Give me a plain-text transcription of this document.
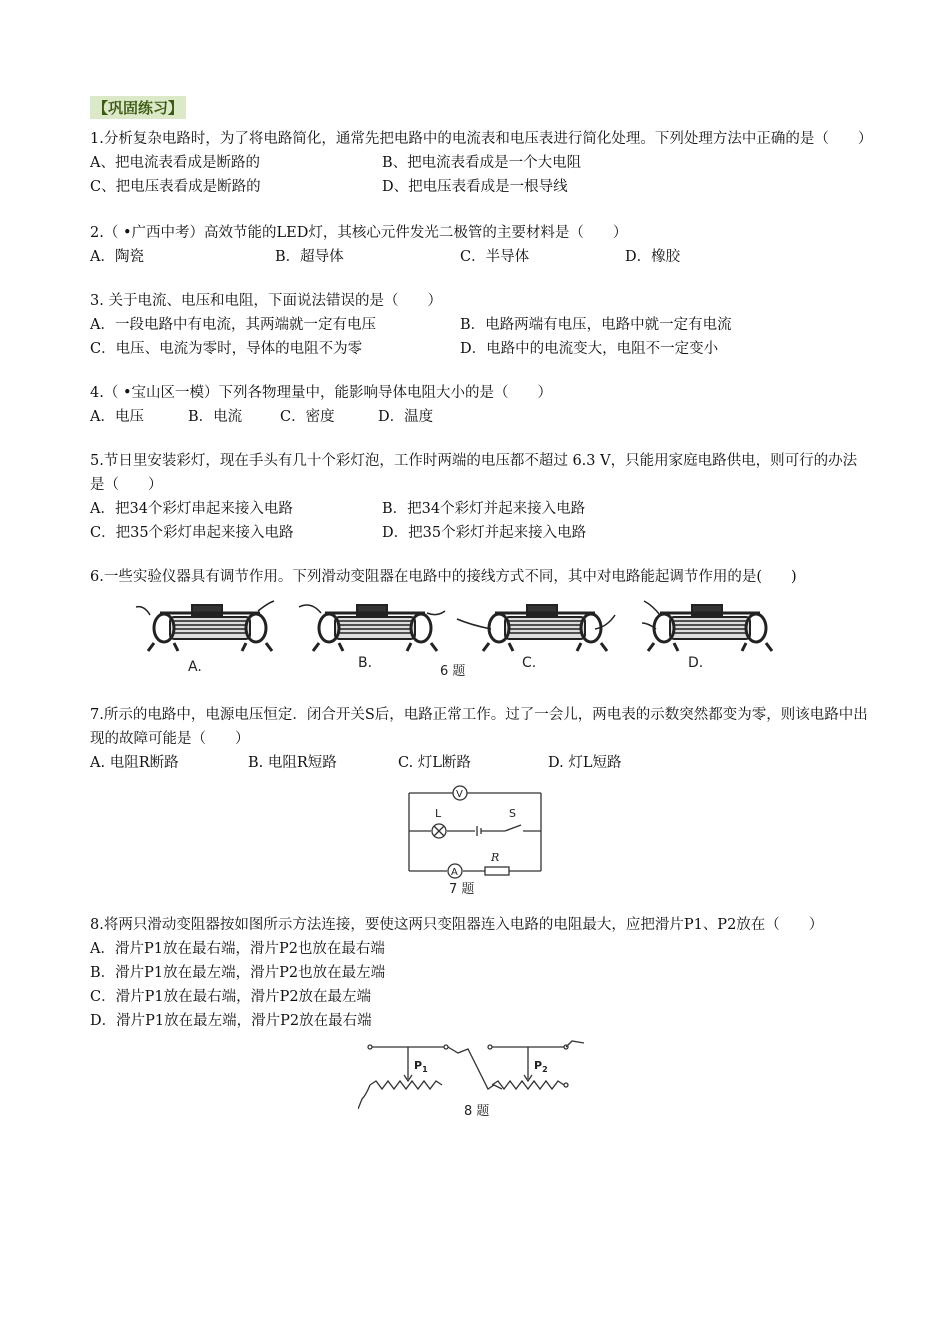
【巩固练习】
1.分析复杂电路时，为了将电路简化，通常先把电路中的电流表和电压表进行简化处理。下列处理方法中正确的是（　　）
A、把电流表看成是断路的	B、把电流表看成是一个大电阻
C、把电压表看成是断路的	D、把电压表看成是一根导线
2.（ •广西中考）高效节能的LED灯，其核心元件发光二极管的主要材料是（　　）
A．陶瓷	B．超导体	C．半导体	D．橡胶
3. 关于电流、电压和电阻，下面说法错误的是（　　）
A．一段电路中有电流，其两端就一定有电压	B．电路两端有电压，电路中就一定有电流
C．电压、电流为零时，导体的电阻不为零	D．电路中的电流变大，电阻不一定变小
4.（ •宝山区一模）下列各物理量中，能影响导体电阻大小的是（　　）
A．电压	B．电流	C．密度	D．温度
5.节日里安装彩灯，现在手头有几十个彩灯泡，工作时两端的电压都不超过 6.3 V，只能用家庭电路供电，则可行的办法是（　　）
A．把34个彩灯串起来接入电路	B．把34个彩灯并起来接入电路
C．把35个彩灯串起来接入电路	D．把35个彩灯并起来接入电路
6.一些实验仪器具有调节作用。下列滑动变阻器在电路中的接线方式不同，其中对电路能起调节作用的是(　　)
A.	B.	C.	D.
6 题
7.所示的电路中，电源电压恒定．闭合开关S后，电路正常工作。过了一会儿，两电表的示数突然都变为零，则该电路中出现的故障可能是（　　）
A. 电阻R断路	B. 电阻R短路	C. 灯L断路	D. 灯L短路
V
L	S
A
R
7 题
8.将两只滑动变阻器按如图所示方法连接，要使这两只变阻器连入电路的电阻最大，应把滑片P1、P2放在（　　）
A．滑片P1放在最右端，滑片P2也放在最右端
B．滑片P1放在最左端，滑片P2也放在最左端
C．滑片P1放在最右端，滑片P2放在最左端
D．滑片P1放在最左端，滑片P2放在最右端
$P_1$	$P_2$
8 题
